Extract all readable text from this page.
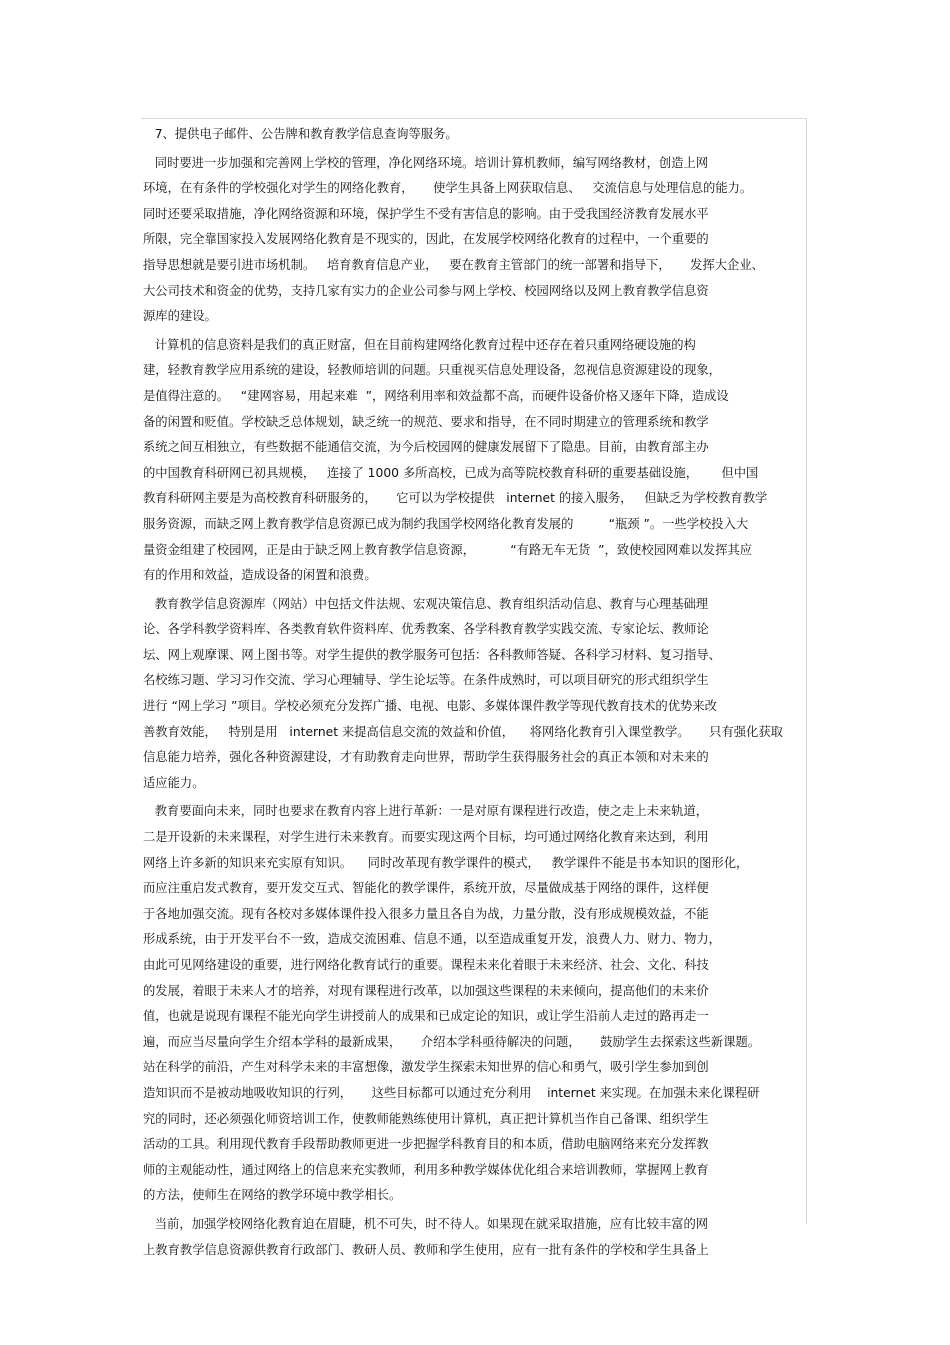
7、提供电子邮件、公告牌和教育教学信息查询等服务。
同时要进一步加强和完善网上学校的管理，净化网络环境。培训计算机教师，编写网络教材，创造上网
环境，在有条件的学校强化对学生的网络化教育，     使学生具备上网获取信息、   交流信息与处理信息的能力。
同时还要采取措施，净化网络资源和环境，保护学生不受有害信息的影响。由于受我国经济教育发展水平
所限，完全靠国家投入发展网络化教育是不现实的，因此，在发展学校网络化教育的过程中，一个重要的
指导思想就是要引进市场机制。   培育教育信息产业，   要在教育主管部门的统一部署和指导下，     发挥大企业、
大公司技术和资金的优势，支持几家有实力的企业公司参与网上学校、校园网络以及网上教育教学信息资
源库的建设。
计算机的信息资料是我们的真正财富，但在目前构建网络化教育过程中还存在着只重网络硬设施的构
建，轻教育教学应用系统的建设，轻教师培训的问题。只重视买信息处理设备，忽视信息资源建设的现象，
是值得注意的。   “建网容易，用起来难  ”，网络利用率和效益都不高，而硬件设备价格又逐年下降，造成设
备的闲置和贬值。学校缺乏总体规划，缺乏统一的规范、要求和指导，在不同时期建立的管理系统和教学
系统之间互相独立，有些数据不能通信交流，为今后校园网的健康发展留下了隐患。目前，由教育部主办
的中国教育科研网已初具规模，   连接了 1000 多所高校，已成为高等院校教育科研的重要基础设施，      但中国
教育科研网主要是为高校教育科研服务的，     它可以为学校提供   internet 的接入服务，   但缺乏为学校教育教学
服务资源，而缺乏网上教育教学信息资源已成为制约我国学校网络化教育发展的         “瓶颈 ”。一些学校投入大
量资金组建了校园网，正是由于缺乏网上教育教学信息资源，         “有路无车无货  ”，致使校园网难以发挥其应
有的作用和效益，造成设备的闲置和浪费。
教育教学信息资源库（网站）中包括文件法规、宏观决策信息、教育组织活动信息、教育与心理基础理
论、各学科教学资料库、各类教育软件资料库、优秀教案、各学科教育教学实践交流、专家论坛、教师论
坛、网上观摩课、网上图书等。对学生提供的教学服务可包括：各科教师答疑、各科学习材料、复习指导、
名校练习题、学习习作交流、学习心理辅导、学生论坛等。在条件成熟时，可以项目研究的形式组织学生
进行 “网上学习 ”项目。学校必须充分发挥广播、电视、电影、多媒体课件教学等现代教育技术的优势来改
善教育效能，   特别是用   internet 来提高信息交流的效益和价值，    将网络化教育引入课堂教学。     只有强化获取
信息能力培养，强化各种资源建设，才有助教育走向世界，帮助学生获得服务社会的真正本领和对未来的
适应能力。
教育要面向未来，同时也要求在教育内容上进行革新：一是对原有课程进行改造，使之走上未来轨道，
二是开设新的未来课程，对学生进行未来教育。而要实现这两个目标，均可通过网络化教育来达到，利用
网络上许多新的知识来充实原有知识。    同时改革现有教学课件的模式，   教学课件不能是书本知识的图形化，
而应注重启发式教育，要开发交互式、智能化的教学课件，系统开放，尽量做成基于网络的课件，这样便
于各地加强交流。现有各校对多媒体课件投入很多力量且各自为战，力量分散，没有形成规模效益，不能
形成系统，由于开发平台不一致，造成交流困难、信息不通，以至造成重复开发，浪费人力、财力、物力，
由此可见网络建设的重要，进行网络化教育试行的重要。课程未来化着眼于未来经济、社会、文化、科技
的发展，着眼于未来人才的培养，对现有课程进行改革，以加强这些课程的未来倾向，提高他们的未来价
值，也就是说现有课程不能光向学生讲授前人的成果和已成定论的知识，或让学生沿前人走过的路再走一
遍，而应当尽量向学生介绍本学科的最新成果，     介绍本学科亟待解决的问题，     鼓励学生去探索这些新课题。
站在科学的前沿，产生对科学未来的丰富想像，激发学生探索未知世界的信心和勇气，吸引学生参加到创
造知识而不是被动地吸收知识的行列，     这些目标都可以通过充分利用    internet 来实现。在加强未来化课程研
究的同时，还必须强化师资培训工作，使教师能熟练使用计算机，真正把计算机当作自己备课、组织学生
活动的工具。利用现代教育手段帮助教师更进一步把握学科教育目的和本质，借助电脑网络来充分发挥教
师的主观能动性，通过网络上的信息来充实教师，利用多种教学媒体优化组合来培训教师，掌握网上教育
的方法，使师生在网络的教学环境中教学相长。
当前，加强学校网络化教育迫在眉睫，机不可失，时不待人。如果现在就采取措施，应有比较丰富的网
上教育教学信息资源供教育行政部门、教研人员、教师和学生使用，应有一批有条件的学校和学生具备上
